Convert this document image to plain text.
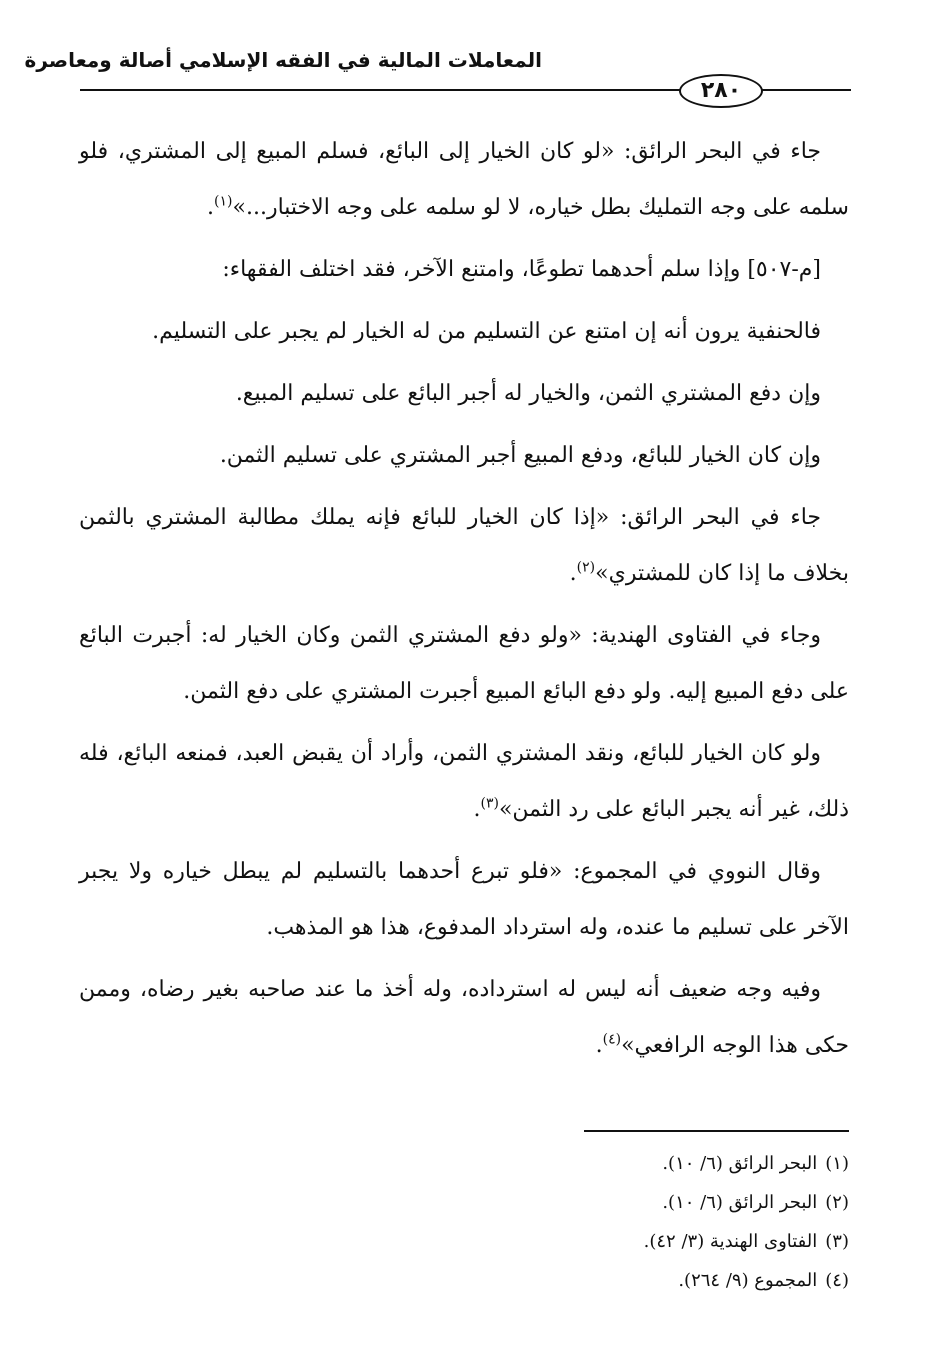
المعاملات المالية في الفقه الإسلامي أصالة ومعاصرة
٢٨٠

جاء في البحر الرائق: «لو كان الخيار إلى البائع، فسلم المبيع إلى المشتري، فلو سلمه على وجه التمليك بطل خياره، لا لو سلمه على وجه الاختبار...»$^{(١)}$.

[م-٥٠٧] وإذا سلم أحدهما تطوعًا، وامتنع الآخر، فقد اختلف الفقهاء:

فالحنفية يرون أنه إن امتنع عن التسليم من له الخيار لم يجبر على التسليم.

وإن دفع المشتري الثمن، والخيار له أجبر البائع على تسليم المبيع.

وإن كان الخيار للبائع، ودفع المبيع أجبر المشتري على تسليم الثمن.

جاء في البحر الرائق: «إذا كان الخيار للبائع فإنه يملك مطالبة المشتري بالثمن بخلاف ما إذا كان للمشتري»$^{(٢)}$.

وجاء في الفتاوى الهندية: «ولو دفع المشتري الثمن وكان الخيار له: أجبرت البائع على دفع المبيع إليه. ولو دفع البائع المبيع أجبرت المشتري على دفع الثمن.

ولو كان الخيار للبائع، ونقد المشتري الثمن، وأراد أن يقبض العبد، فمنعه البائع، فله ذلك، غير أنه يجبر البائع على رد الثمن»$^{(٣)}$.

وقال النووي في المجموع: «فلو تبرع أحدهما بالتسليم لم يبطل خياره ولا يجبر الآخر على تسليم ما عنده، وله استرداد المدفوع، هذا هو المذهب.

وفيه وجه ضعيف أنه ليس له استرداده، وله أخذ ما عند صاحبه بغير رضاه، وممن حكى هذا الوجه الرافعي»$^{(٤)}$.

(١)البحر الرائق (٦/ ١٠).
(٢)البحر الرائق (٦/ ١٠).
(٣)الفتاوى الهندية (٣/ ٤٢).
(٤)المجموع (٩/ ٢٦٤).
